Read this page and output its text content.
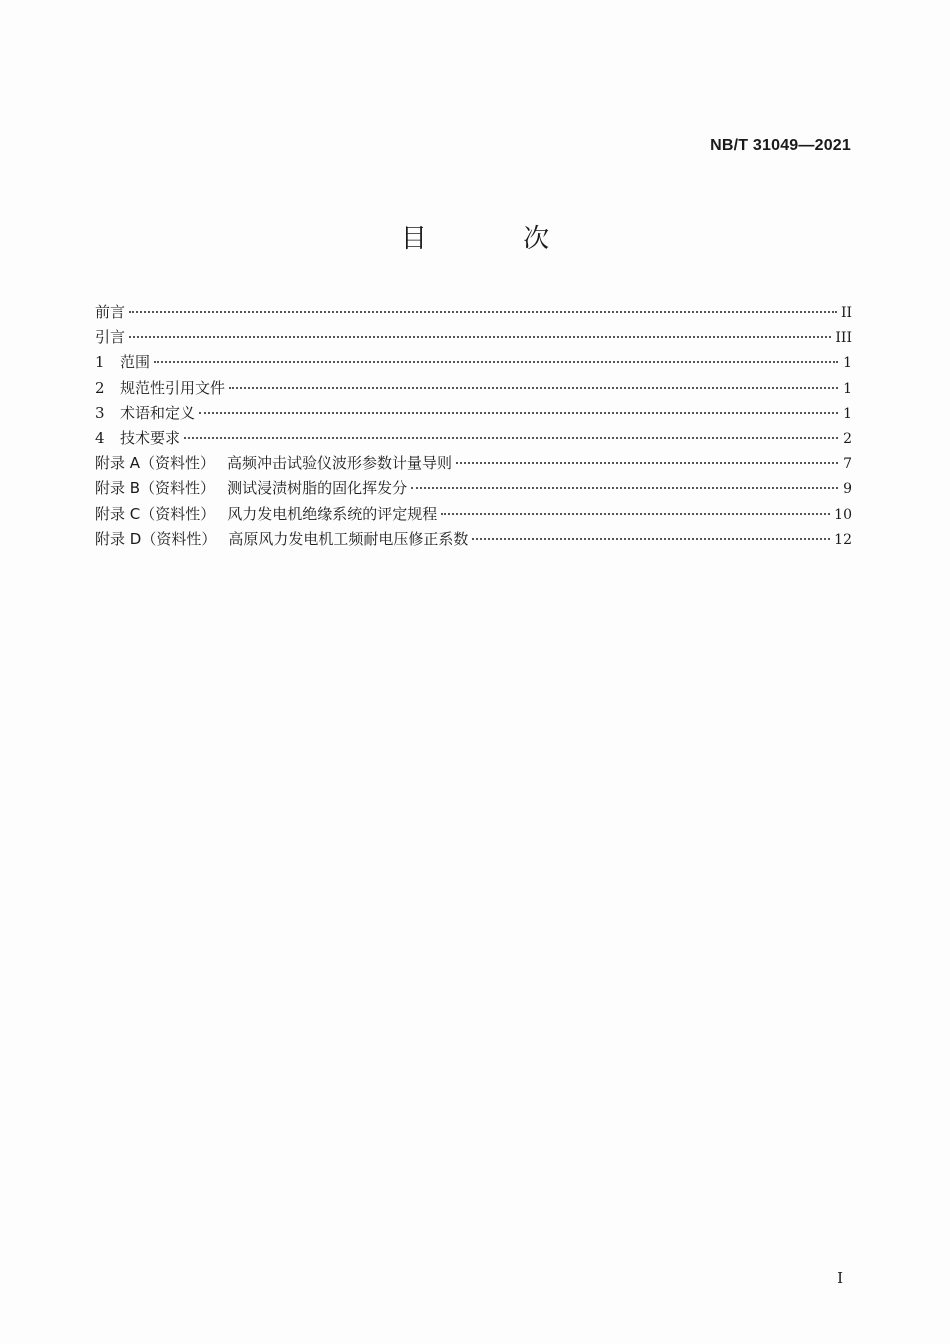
NB/T 31049—2021
目 次
前言	II
引言	III
1 范围	1
2 规范性引用文件	1
3 术语和定义	1
4 技术要求	2
附录 A（资料性） 高频冲击试验仪波形参数计量导则	7
附录 B（资料性） 测试浸渍树脂的固化挥发分	9
附录 C（资料性） 风力发电机绝缘系统的评定规程	10
附录 D（资料性） 高原风力发电机工频耐电压修正系数	12
I
